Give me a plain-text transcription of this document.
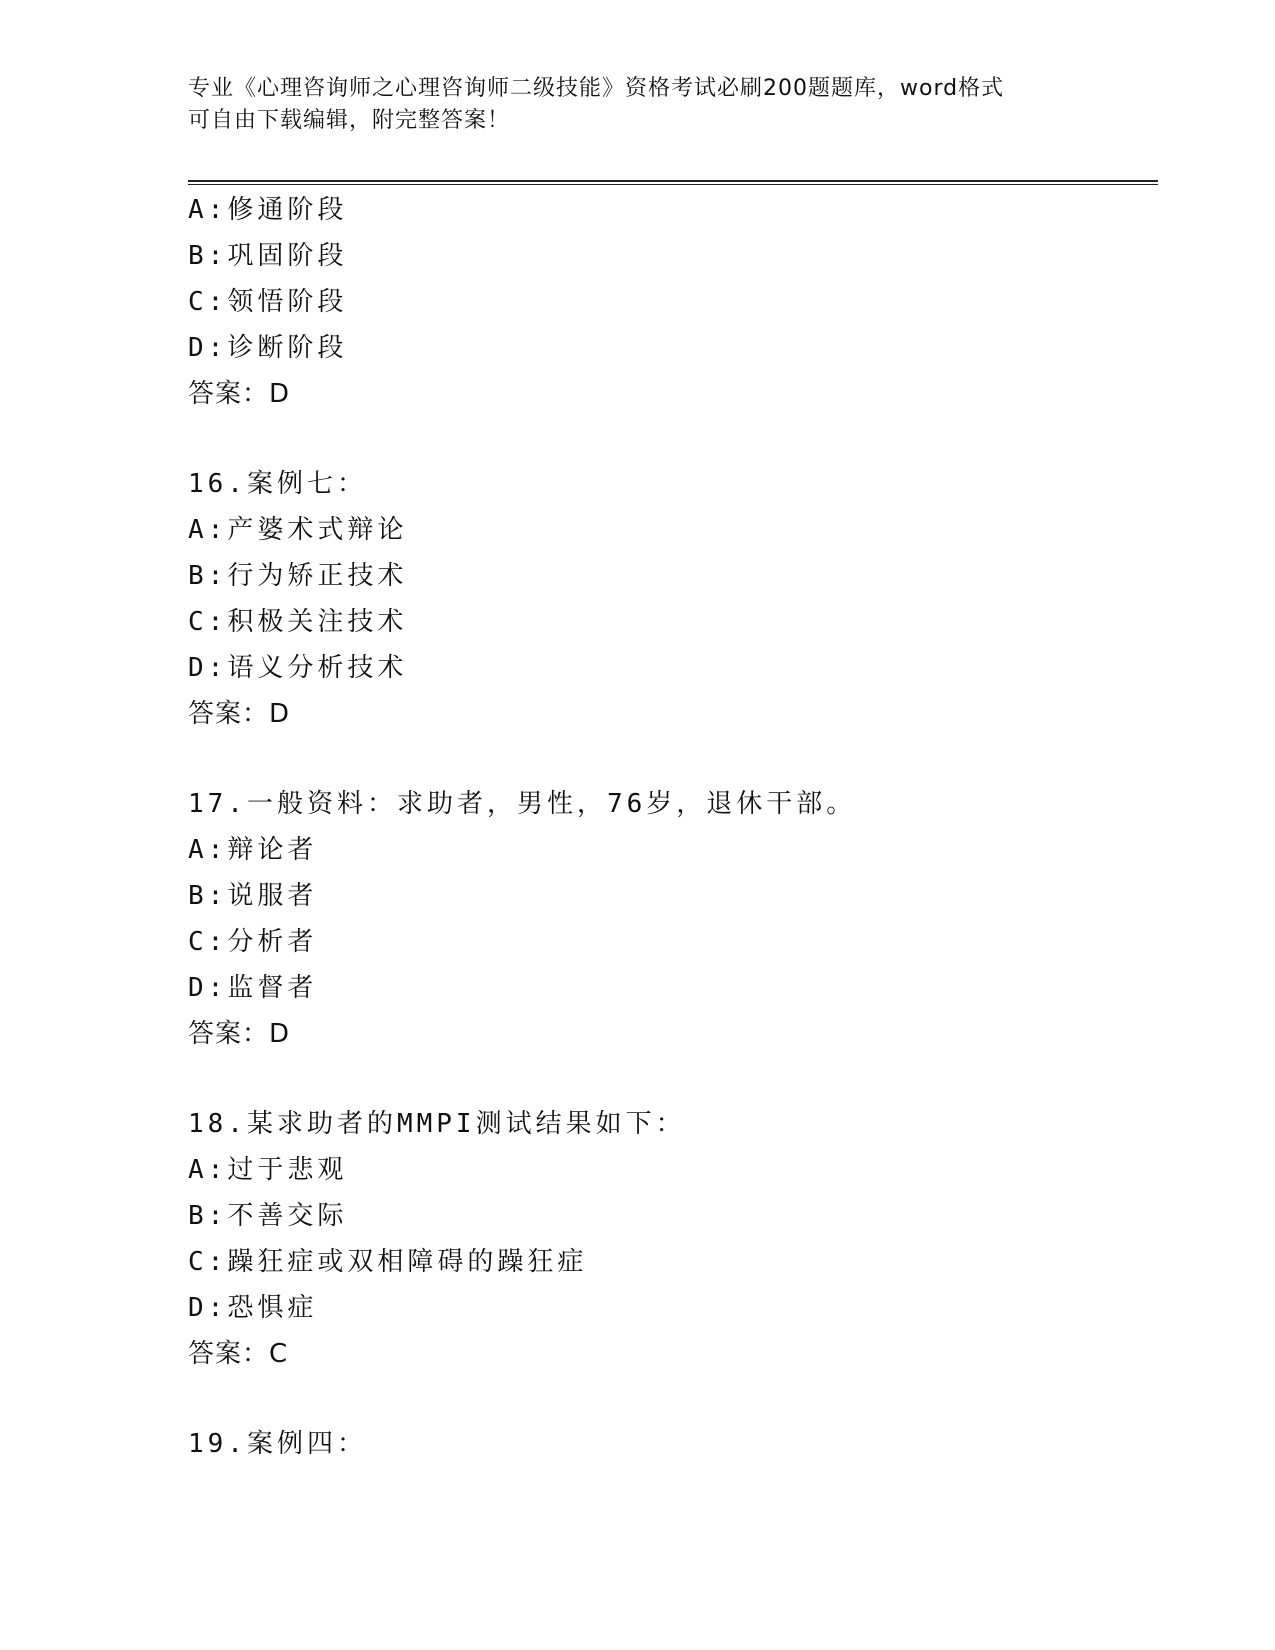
专业《心理咨询师之心理咨询师二级技能》资格考试必刷200题题库，word格式
可自由下载编辑，附完整答案！
A:修通阶段
B:巩固阶段
C:领悟阶段
D:诊断阶段
答案：D
16.案例七：
A:产婆术式辩论
B:行为矫正技术
C:积极关注技术
D:语义分析技术
答案：D
17.一般资料：求助者，男性，76岁，退休干部。
A:辩论者
B:说服者
C:分析者
D:监督者
答案：D
18.某求助者的MMPI测试结果如下：
A:过于悲观
B:不善交际
C:躁狂症或双相障碍的躁狂症
D:恐惧症
答案：C
19.案例四：
